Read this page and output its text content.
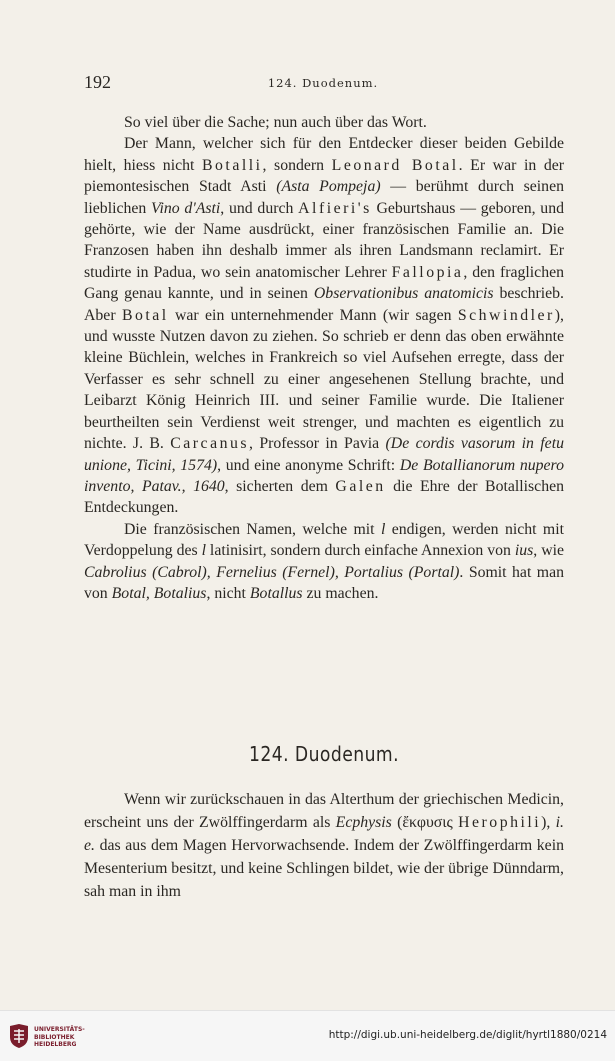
192	124. Duodenum.

So viel über die Sache; nun auch über das Wort.

Der Mann, welcher sich für den Entdecker dieser beiden Gebilde hielt, hiess nicht Botalli, sondern Leonard Botal. Er war in der piemontesischen Stadt Asti (Asta Pompeja) — berühmt durch seinen lieblichen Vino d'Asti, und durch Alfieri's Geburtshaus — geboren, und gehörte, wie der Name ausdrückt, einer französischen Familie an. Die Franzosen haben ihn deshalb immer als ihren Landsmann reclamirt. Er studirte in Padua, wo sein anatomischer Lehrer Fallopia, den fraglichen Gang genau kannte, und in seinen Observationibus anatomicis beschrieb. Aber Botal war ein unternehmender Mann (wir sagen Schwindler), und wusste Nutzen davon zu ziehen. So schrieb er denn das oben erwähnte kleine Büchlein, welches in Frankreich so viel Aufsehen erregte, dass der Verfasser es sehr schnell zu einer angesehenen Stellung brachte, und Leibarzt König Heinrich III. und seiner Familie wurde. Die Italiener beurtheilten sein Verdienst weit strenger, und machten es eigentlich zu nichte. J. B. Carcanus, Professor in Pavia (De cordis vasorum in fetu unione, Ticini, 1574), und eine anonyme Schrift: De Botallianorum nupero invento, Patav., 1640, sicherten dem Galen die Ehre der Botallischen Entdeckungen.

Die französischen Namen, welche mit l endigen, werden nicht mit Verdoppelung des l latinisirt, sondern durch einfache Annexion von ius, wie Cabrolius (Cabrol), Fernelius (Fernel), Portalius (Portal). Somit hat man von Botal, Botalius, nicht Botallus zu machen.

124. Duodenum.

Wenn wir zurückschauen in das Alterthum der griechischen Medicin, erscheint uns der Zwölffingerdarm als Ecphysis (ἔκφυσις Herophili), i. e. das aus dem Magen Hervorwachsende. Indem der Zwölffingerdarm kein Mesenterium besitzt, und keine Schlingen bildet, wie der übrige Dünndarm, sah man in ihm

UNIVERSITÄTS-
BIBLIOTHEK
HEIDELBERG
http://digi.ub.uni-heidelberg.de/diglit/hyrtl1880/0214
